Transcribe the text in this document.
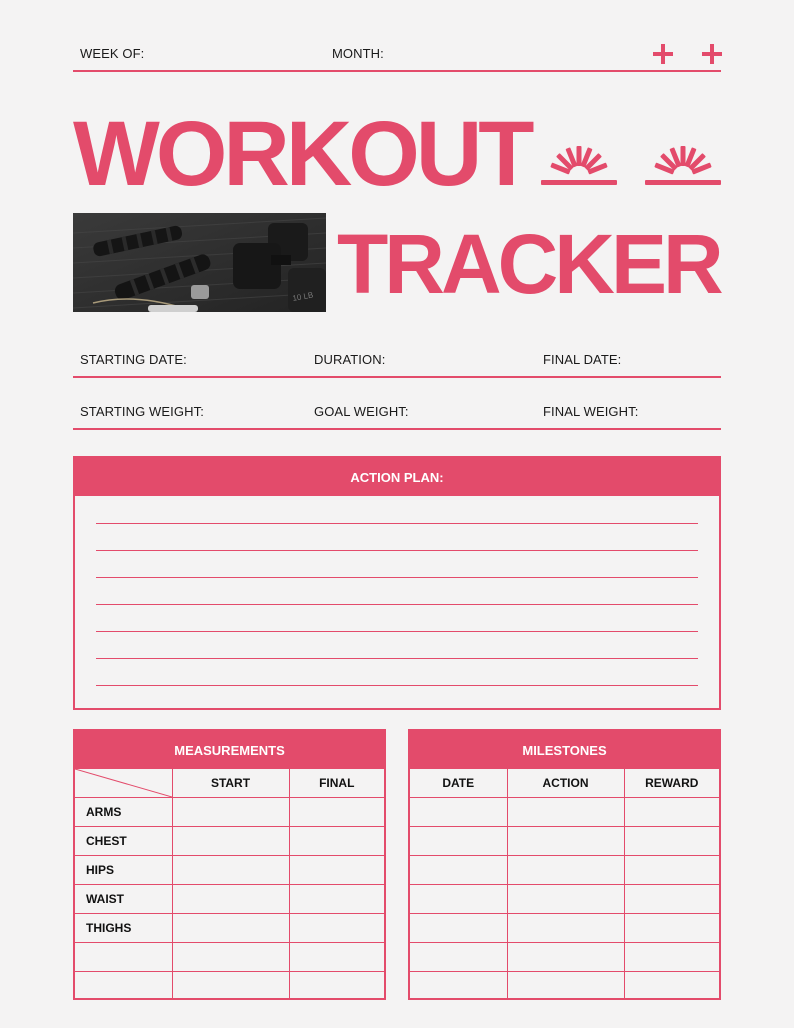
WEEK OF:	MONTH:
WORKOUT
10 LB TRACKER
STARTING DATE:	DURATION:	FINAL DATE:
STARTING WEIGHT:	GOAL WEIGHT:	FINAL WEIGHT:
ACTION PLAN:
MEASUREMENTS
	START	FINAL
ARMS		
CHEST		
HIPS		
WAIST		
THIGHS		

MILESTONES
DATE	ACTION	REWARD
